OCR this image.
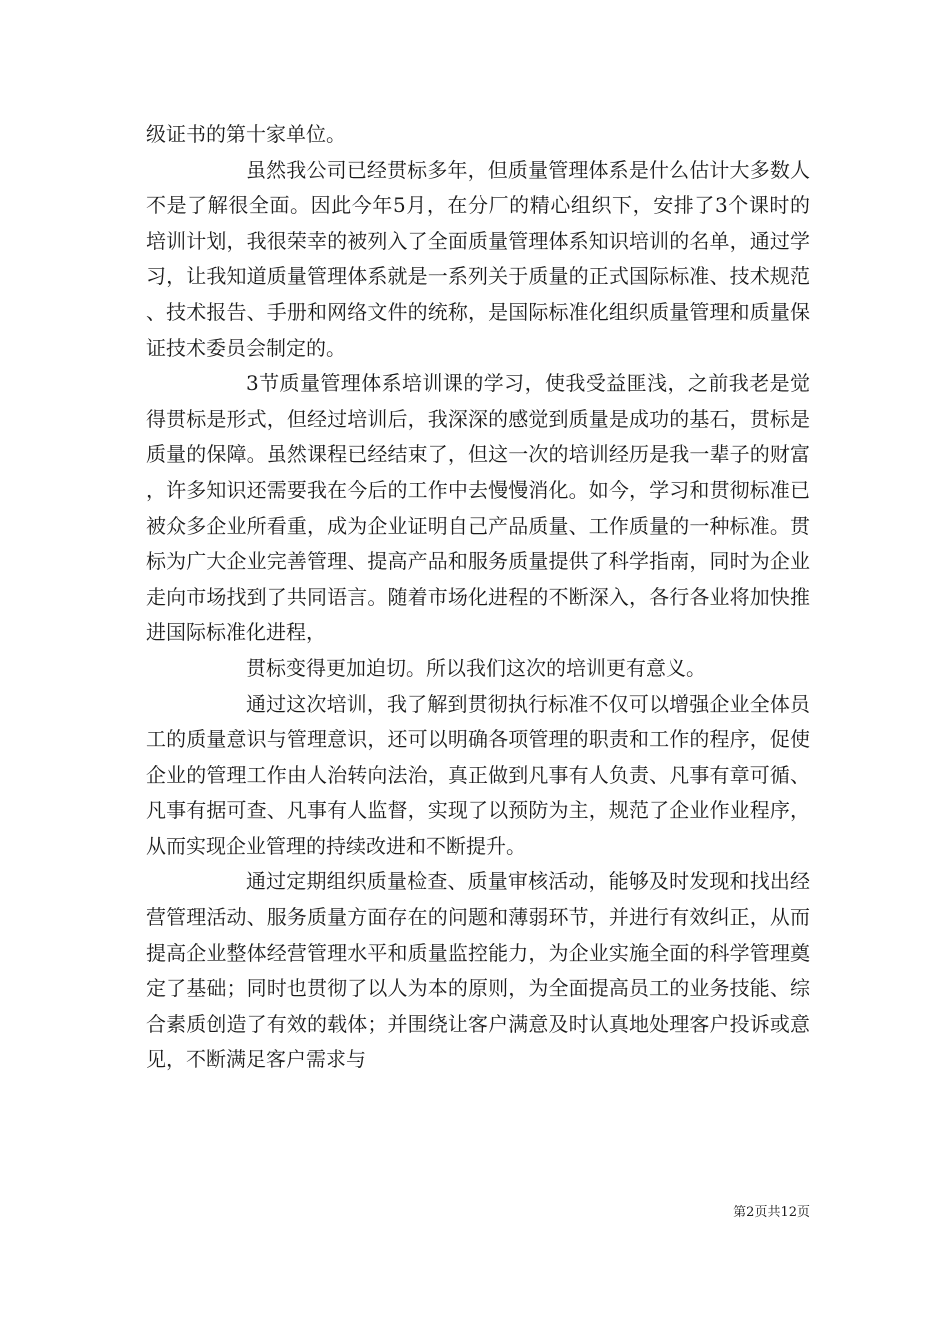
级证书的第十家单位。

虽然我公司已经贯标多年，但质量管理体系是什么估计大多数人不是了解很全面。因此今年5月，在分厂的精心组织下，安排了3个课时的培训计划，我很荣幸的被列入了全面质量管理体系知识培训的名单，通过学习，让我知道质量管理体系就是一系列关于质量的正式国际标准、技术规范、技术报告、手册和网络文件的统称，是国际标准化组织质量管理和质量保证技术委员会制定的。

3节质量管理体系培训课的学习，使我受益匪浅，之前我老是觉得贯标是形式，但经过培训后，我深深的感觉到质量是成功的基石，贯标是质量的保障。虽然课程已经结束了，但这一次的培训经历是我一辈子的财富，许多知识还需要我在今后的工作中去慢慢消化。如今，学习和贯彻标准已被众多企业所看重，成为企业证明自己产品质量、工作质量的一种标准。贯标为广大企业完善管理、提高产品和服务质量提供了科学指南，同时为企业走向市场找到了共同语言。随着市场化进程的不断深入，各行各业将加快推进国际标准化进程，

贯标变得更加迫切。所以我们这次的培训更有意义。

通过这次培训，我了解到贯彻执行标准不仅可以增强企业全体员工的质量意识与管理意识，还可以明确各项管理的职责和工作的程序，促使企业的管理工作由人治转向法治，真正做到凡事有人负责、凡事有章可循、凡事有据可查、凡事有人监督，实现了以预防为主，规范了企业作业程序，从而实现企业管理的持续改进和不断提升。

通过定期组织质量检查、质量审核活动，能够及时发现和找出经营管理活动、服务质量方面存在的问题和薄弱环节，并进行有效纠正，从而提高企业整体经营管理水平和质量监控能力，为企业实施全面的科学管理奠定了基础；同时也贯彻了以人为本的原则，为全面提高员工的业务技能、综合素质创造了有效的载体；并围绕让客户满意及时认真地处理客户投诉或意见，不断满足客户需求与

第2页共12页
